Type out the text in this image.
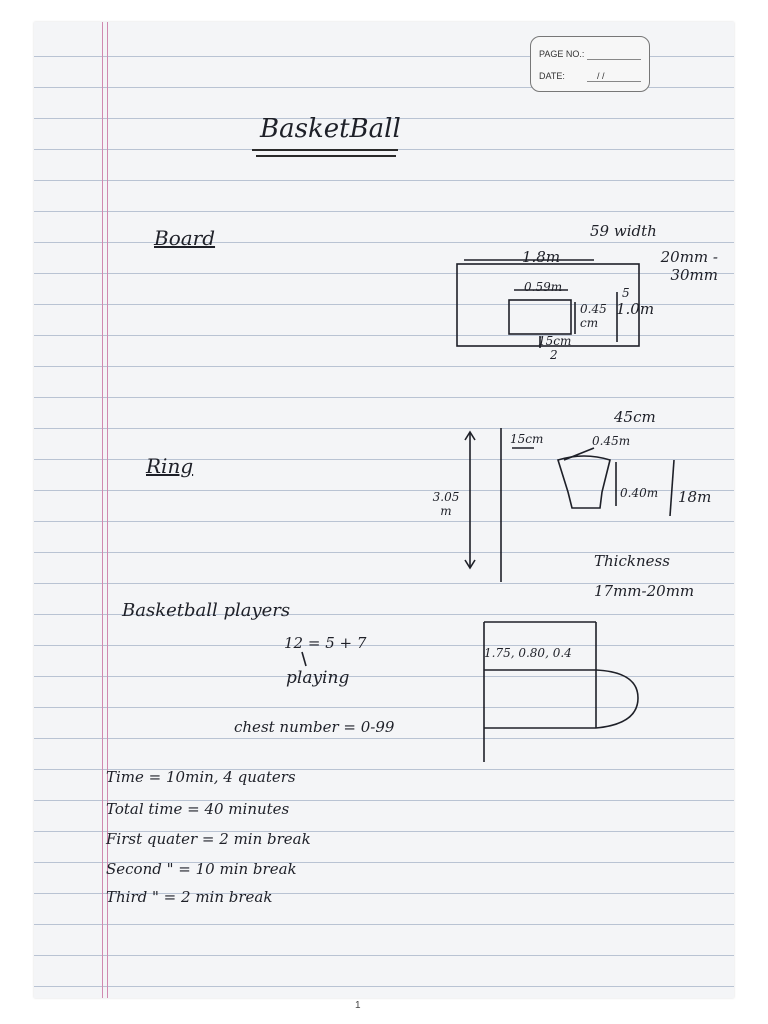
PAGE NO.:
DATE:	/ /
BasketBall
Board	59 width
1.8m	20mm - 30mm
0.59m
0.45 cm
1.0m
5
15cm
2
Ring
3.05 m
45cm
15cm	0.45m
0.40m 18m
Thickness
17mm-20mm
Basketball players
12 = 5 + 7
playing
chest number = 0-99
1.75, 0.80, 0.4
Time = 10min, 4 quaters
Total time = 40 minutes
First quater = 2 min break
Second " = 10 min break
Third " = 2 min break
1
